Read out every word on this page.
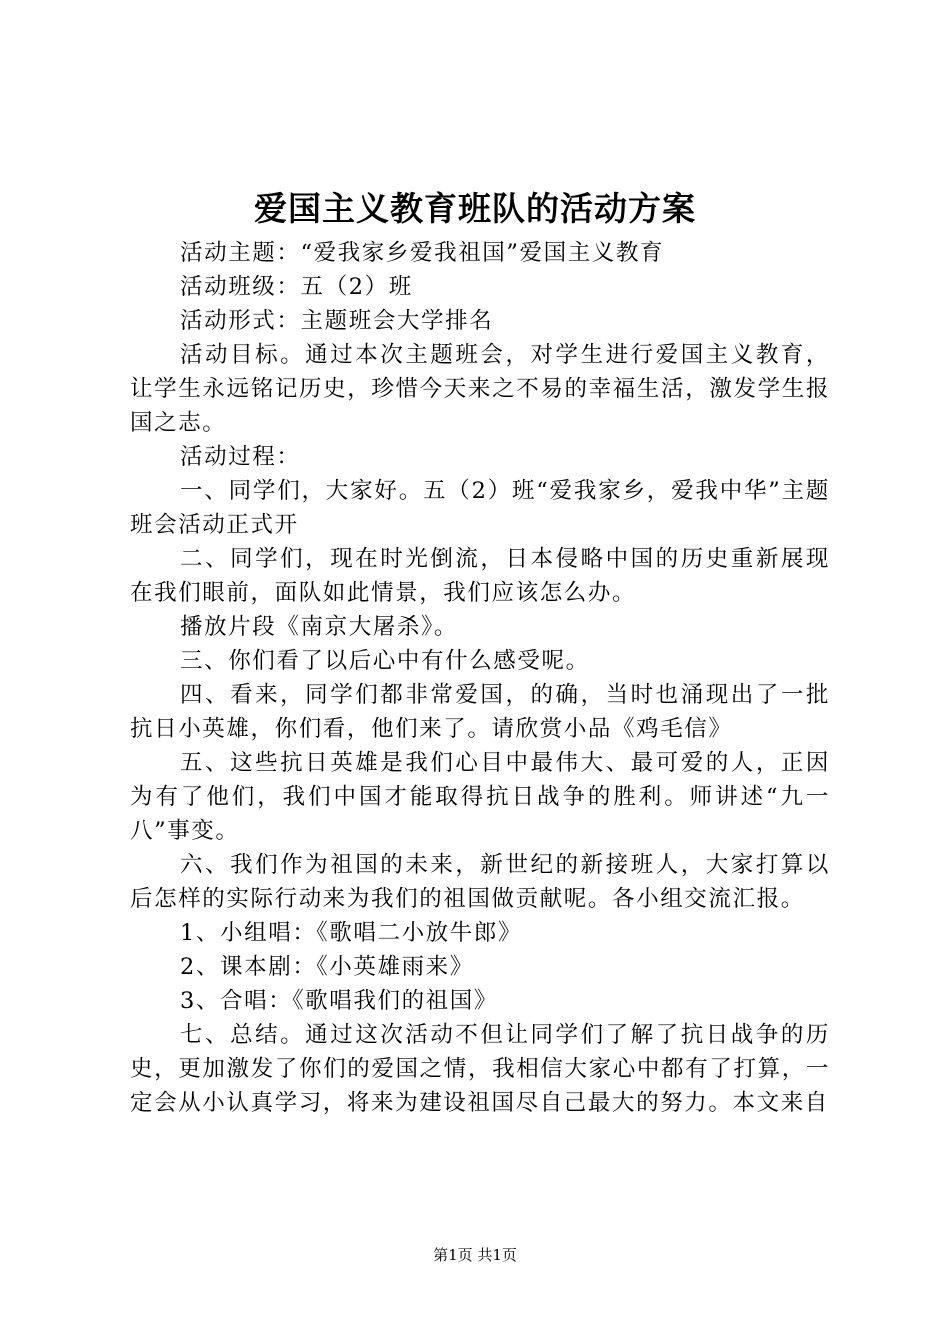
爱国主义教育班队的活动方案

活动主题：“爱我家乡爱我祖国”爱国主义教育

活动班级：五（2）班

活动形式：主题班会大学排名

活动目标。通过本次主题班会，对学生进行爱国主义教育，让学生永远铭记历史，珍惜今天来之不易的幸福生活，激发学生报国之志。

活动过程：

一、同学们，大家好。五（2）班“爱我家乡，爱我中华”主题班会活动正式开

二、同学们，现在时光倒流，日本侵略中国的历史重新展现在我们眼前，面队如此情景，我们应该怎么办。

播放片段《南京大屠杀》。

三、你们看了以后心中有什么感受呢。

四、看来，同学们都非常爱国，的确，当时也涌现出了一批抗日小英雄，你们看，他们来了。请欣赏小品《鸡毛信》

五、这些抗日英雄是我们心目中最伟大、最可爱的人，正因为有了他们，我们中国才能取得抗日战争的胜利。师讲述“九一八”事变。

六、我们作为祖国的未来，新世纪的新接班人，大家打算以后怎样的实际行动来为我们的祖国做贡献呢。各小组交流汇报。

1、小组唱：《歌唱二小放牛郎》

2、课本剧：《小英雄雨来》

3、合唱：《歌唱我们的祖国》

七、总结。通过这次活动不但让同学们了解了抗日战争的历史，更加激发了你们的爱国之情，我相信大家心中都有了打算，一定会从小认真学习，将来为建设祖国尽自己最大的努力。本文来自

第1页 共1页
